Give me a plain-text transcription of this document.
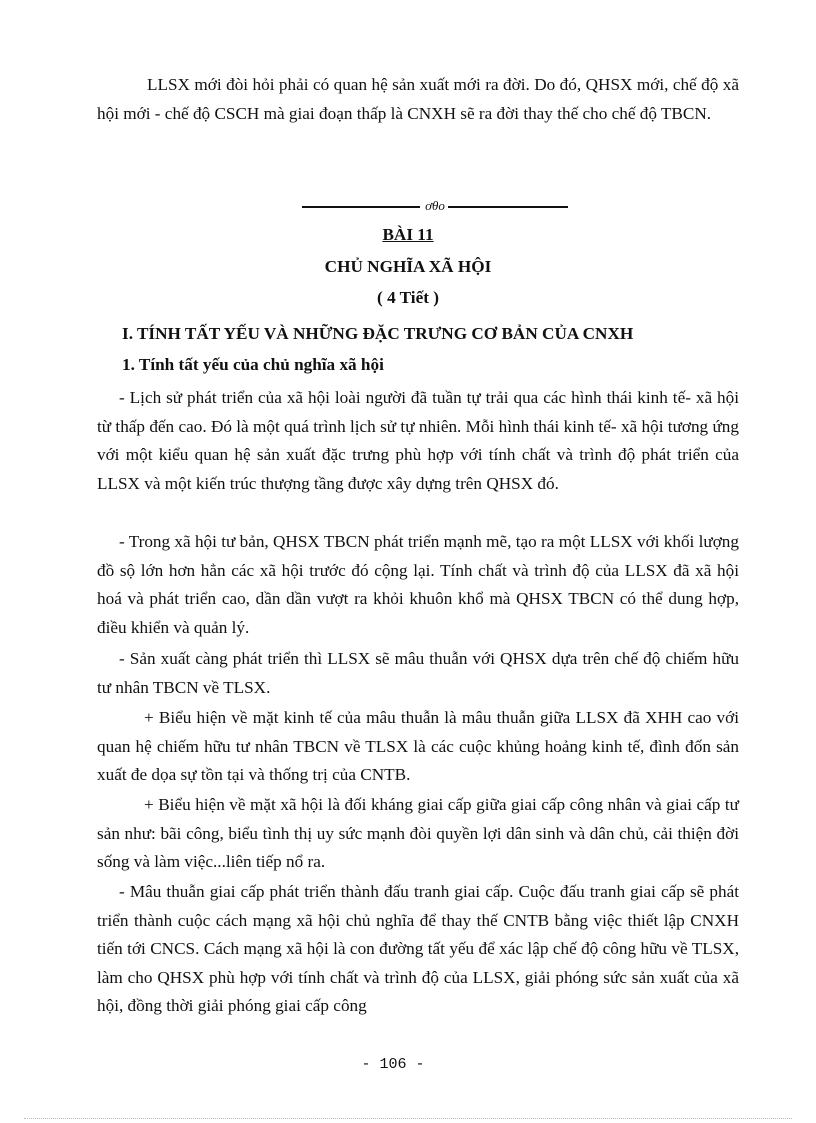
LLSX mới đòi hỏi phải có quan hệ sản xuất mới ra đời. Do đó, QHSX mới, chế độ xã hội mới - chế độ CSCH mà giai đoạn thấp là CNXH sẽ ra đời thay thế cho chế độ TBCN.

ơθo

BÀI 11

CHỦ NGHĨA XÃ HỘI

( 4 Tiết )

I. TÍNH TẤT YẾU VÀ NHỮNG ĐẶC TRƯNG CƠ BẢN CỦA CNXH

1. Tính tất yếu của chủ nghĩa xã hội

- Lịch sử phát triển của xã hội loài người đã tuần tự trải qua các hình thái kinh tế- xã hội từ thấp đến cao. Đó là một quá trình lịch sử tự nhiên. Mỗi hình thái kinh tế- xã hội tương ứng với một kiểu quan hệ sản xuất đặc trưng phù hợp với tính chất và trình độ phát triển của LLSX và một kiến trúc thượng tầng được xây dựng trên QHSX đó.

- Trong xã hội tư bản, QHSX TBCN phát triển mạnh mẽ, tạo ra một LLSX với khối lượng đồ sộ lớn hơn hẳn các xã hội trước đó cộng lại. Tính chất và trình độ của LLSX đã xã hội hoá và phát triển cao, dần dần vượt ra khỏi khuôn khổ mà QHSX TBCN có thể dung hợp, điều khiển và quản lý.

- Sản xuất càng phát triển thì LLSX sẽ mâu thuẫn với QHSX dựa trên chế độ chiếm hữu tư nhân TBCN về TLSX.

+ Biểu hiện về mặt kinh tế của mâu thuẫn là mâu thuẫn giữa LLSX đã XHH cao với quan hệ chiếm hữu tư nhân TBCN về TLSX là các cuộc khủng hoảng kinh tế, đình đốn sản xuất đe dọa sự tồn tại và thống trị của CNTB.

+ Biểu hiện về mặt xã hội là đối kháng giai cấp giữa giai cấp công nhân và giai cấp tư sản như: bãi công, biểu tình thị uy sức mạnh đòi quyền lợi dân sinh và dân chủ, cải thiện đời sống và làm việc...liên tiếp nổ ra.

- Mâu thuẫn giai cấp phát triển thành đấu tranh giai cấp. Cuộc đấu tranh giai cấp sẽ phát triển thành cuộc cách mạng xã hội chủ nghĩa để thay thế CNTB bằng việc thiết lập CNXH tiến tới CNCS. Cách mạng xã hội là con đường tất yếu để xác lập chế độ công hữu về TLSX, làm cho QHSX phù hợp với tính chất và trình độ của LLSX, giải phóng sức sản xuất của xã hội, đồng thời giải phóng giai cấp công

- 106 -
